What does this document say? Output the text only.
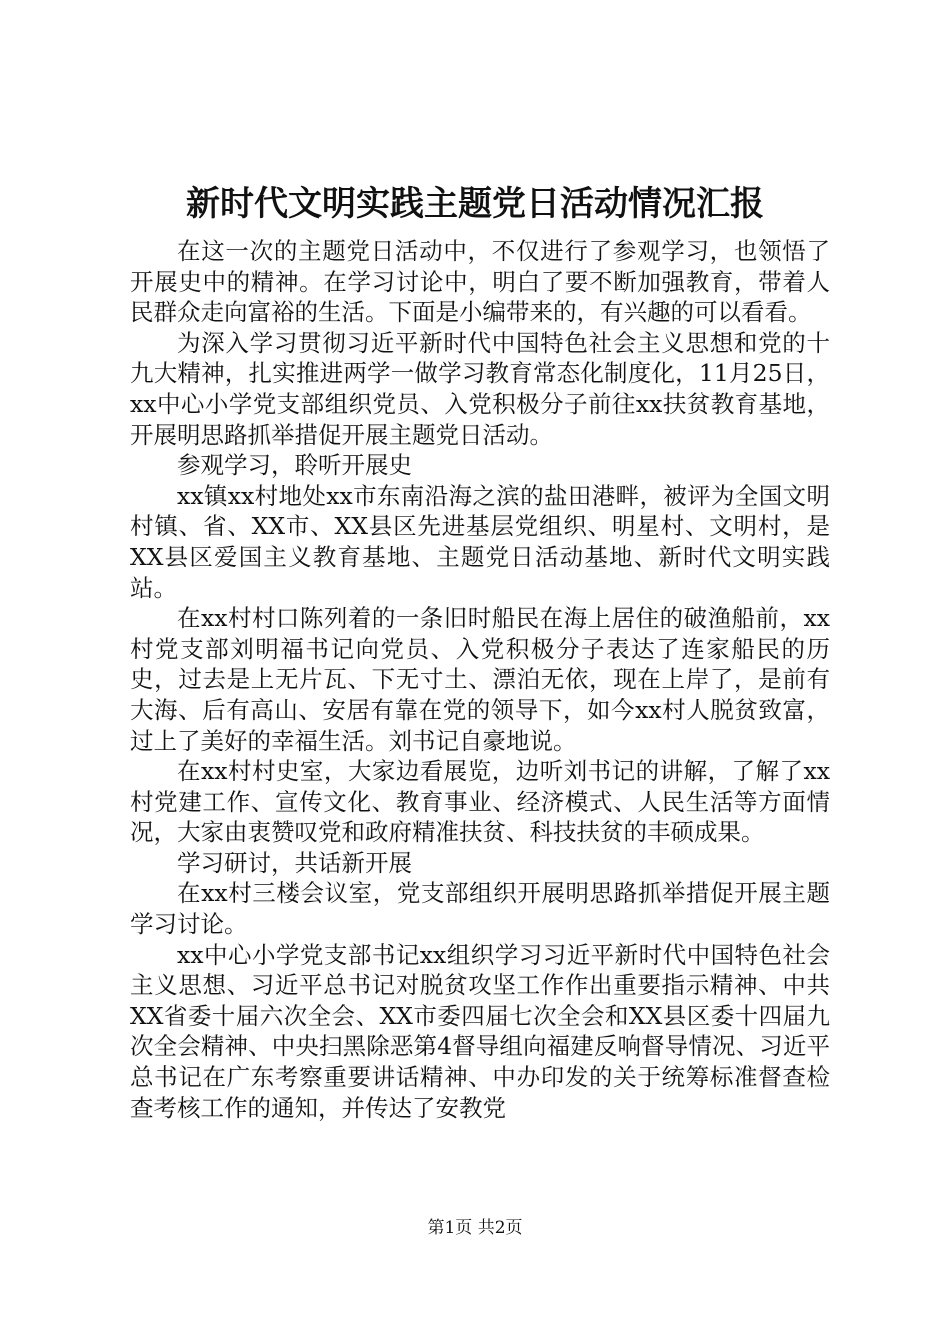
新时代文明实践主题党日活动情况汇报

在这一次的主题党日活动中，不仅进行了参观学习，也领悟了开展史中的精神。在学习讨论中，明白了要不断加强教育，带着人民群众走向富裕的生活。下面是小编带来的，有兴趣的可以看看。

为深入学习贯彻习近平新时代中国特色社会主义思想和党的十九大精神，扎实推进两学一做学习教育常态化制度化，11月25日，xx中心小学党支部组织党员、入党积极分子前往xx扶贫教育基地，开展明思路抓举措促开展主题党日活动。

参观学习，聆听开展史

xx镇xx村地处xx市东南沿海之滨的盐田港畔，被评为全国文明村镇、省、XX市、XX县区先进基层党组织、明星村、文明村，是XX县区爱国主义教育基地、主题党日活动基地、新时代文明实践站。

在xx村村口陈列着的一条旧时船民在海上居住的破渔船前，xx村党支部刘明福书记向党员、入党积极分子表达了连家船民的历史，过去是上无片瓦、下无寸土、漂泊无依，现在上岸了，是前有大海、后有高山、安居有靠在党的领导下，如今xx村人脱贫致富，过上了美好的幸福生活。刘书记自豪地说。

在xx村村史室，大家边看展览，边听刘书记的讲解，了解了xx村党建工作、宣传文化、教育事业、经济模式、人民生活等方面情况，大家由衷赞叹党和政府精准扶贫、科技扶贫的丰硕成果。

学习研讨，共话新开展

在xx村三楼会议室，党支部组织开展明思路抓举措促开展主题学习讨论。

xx中心小学党支部书记xx组织学习习近平新时代中国特色社会主义思想、习近平总书记对脱贫攻坚工作作出重要指示精神、中共XX省委十届六次全会、XX市委四届七次全会和XX县区委十四届九次全会精神、中央扫黑除恶第4督导组向福建反响督导情况、习近平总书记在广东考察重要讲话精神、中办印发的关于统筹标准督查检查考核工作的通知，并传达了安教党

第1页 共2页
